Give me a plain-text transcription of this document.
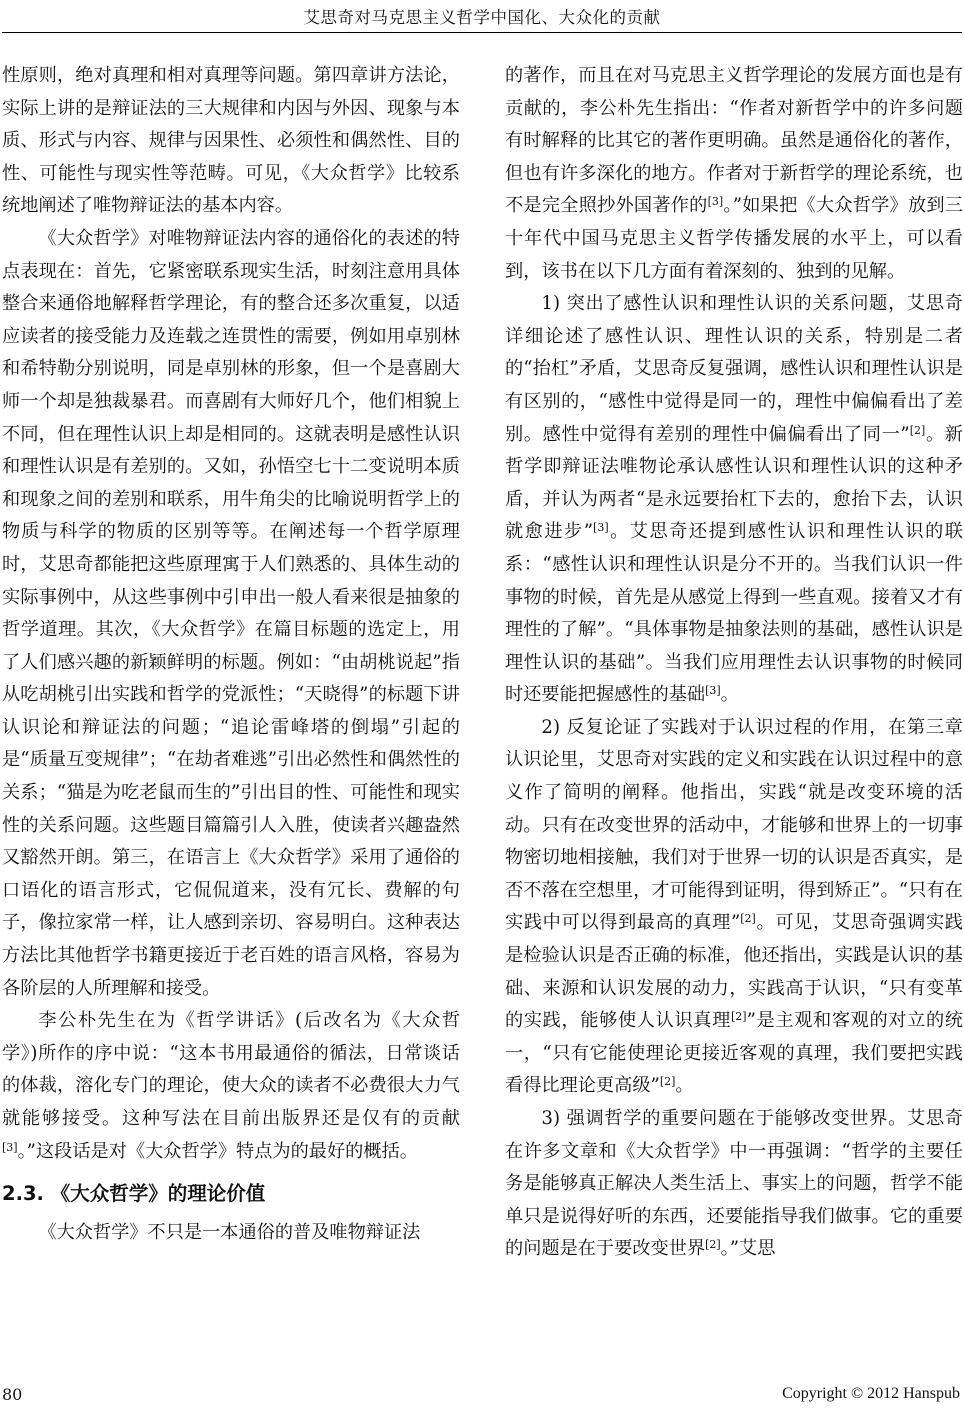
艾思奇对马克思主义哲学中国化、大众化的贡献

性原则，绝对真理和相对真理等问题。第四章讲方法论，实际上讲的是辩证法的三大规律和内因与外因、现象与本质、形式与内容、规律与因果性、必须性和偶然性、目的性、可能性与现实性等范畴。可见，《大众哲学》比较系统地阐述了唯物辩证法的基本内容。

《大众哲学》对唯物辩证法内容的通俗化的表述的特点表现在：首先，它紧密联系现实生活，时刻注意用具体整合来通俗地解释哲学理论，有的整合还多次重复，以适应读者的接受能力及连载之连贯性的需要，例如用卓别林和希特勒分别说明，同是卓别林的形象，但一个是喜剧大师一个却是独裁暴君。而喜剧有大师好几个，他们相貌上不同，但在理性认识上却是相同的。这就表明是感性认识和理性认识是有差别的。又如，孙悟空七十二变说明本质和现象之间的差别和联系，用牛角尖的比喻说明哲学上的物质与科学的物质的区别等等。在阐述每一个哲学原理时，艾思奇都能把这些原理寓于人们熟悉的、具体生动的实际事例中，从这些事例中引申出一般人看来很是抽象的哲学道理。其次，《大众哲学》在篇目标题的选定上，用了人们感兴趣的新颖鲜明的标题。例如：“由胡桃说起”指从吃胡桃引出实践和哲学的党派性；“天晓得”的标题下讲认识论和辩证法的问题；“追论雷峰塔的倒塌”引起的是“质量互变规律”；“在劫者难逃”引出必然性和偶然性的关系；“猫是为吃老鼠而生的”引出目的性、可能性和现实性的关系问题。这些题目篇篇引人入胜，使读者兴趣盎然又豁然开朗。第三，在语言上《大众哲学》采用了通俗的口语化的语言形式，它侃侃道来，没有冗长、费解的句子，像拉家常一样，让人感到亲切、容易明白。这种表达方法比其他哲学书籍更接近于老百姓的语言风格，容易为各阶层的人所理解和接受。

李公朴先生在为《哲学讲话》(后改名为《大众哲学》)所作的序中说：“这本书用最通俗的循法，日常谈话的体裁，溶化专门的理论，使大众的读者不必费很大力气就能够接受。这种写法在目前出版界还是仅有的贡献[3]。”这段话是对《大众哲学》特点为的最好的概括。

2.3. 《大众哲学》的理论价值

《大众哲学》不只是一本通俗的普及唯物辩证法

的著作，而且在对马克思主义哲学理论的发展方面也是有贡献的，李公朴先生指出：“作者对新哲学中的许多问题有时解释的比其它的著作更明确。虽然是通俗化的著作，但也有许多深化的地方。作者对于新哲学的理论系统，也不是完全照抄外国著作的[3]。”如果把《大众哲学》放到三十年代中国马克思主义哲学传播发展的水平上，可以看到，该书在以下几方面有着深刻的、独到的见解。

1) 突出了感性认识和理性认识的关系问题，艾思奇详细论述了感性认识、理性认识的关系，特别是二者的“抬杠”矛盾，艾思奇反复强调，感性认识和理性认识是有区别的，“感性中觉得是同一的，理性中偏偏看出了差别。感性中觉得有差别的理性中偏偏看出了同一”[2]。新哲学即辩证法唯物论承认感性认识和理性认识的这种矛盾，并认为两者“是永远要抬杠下去的，愈抬下去，认识就愈进步”[3]。艾思奇还提到感性认识和理性认识的联系：“感性认识和理性认识是分不开的。当我们认识一件事物的时候，首先是从感觉上得到一些直观。接着又才有理性的了解”。“具体事物是抽象法则的基础，感性认识是理性认识的基础”。当我们应用理性去认识事物的时候同时还要能把握感性的基础[3]。

2) 反复论证了实践对于认识过程的作用，在第三章认识论里，艾思奇对实践的定义和实践在认识过程中的意义作了简明的阐释。他指出，实践“就是改变环境的活动。只有在改变世界的活动中，才能够和世界上的一切事物密切地相接触，我们对于世界一切的认识是否真实，是否不落在空想里，才可能得到证明，得到矫正”。“只有在实践中可以得到最高的真理”[2]。可见，艾思奇强调实践是检验认识是否正确的标准，他还指出，实践是认识的基础、来源和认识发展的动力，实践高于认识，“只有变革的实践，能够使人认识真理[2]”是主观和客观的对立的统一，“只有它能使理论更接近客观的真理，我们要把实践看得比理论更高级”[2]。

3) 强调哲学的重要问题在于能够改变世界。艾思奇在许多文章和《大众哲学》中一再强调：“哲学的主要任务是能够真正解决人类生活上、事实上的问题，哲学不能单只是说得好听的东西，还要能指导我们做事。它的重要的问题是在于要改变世界[2]。”艾思

80	Copyright © 2012 Hanspub
